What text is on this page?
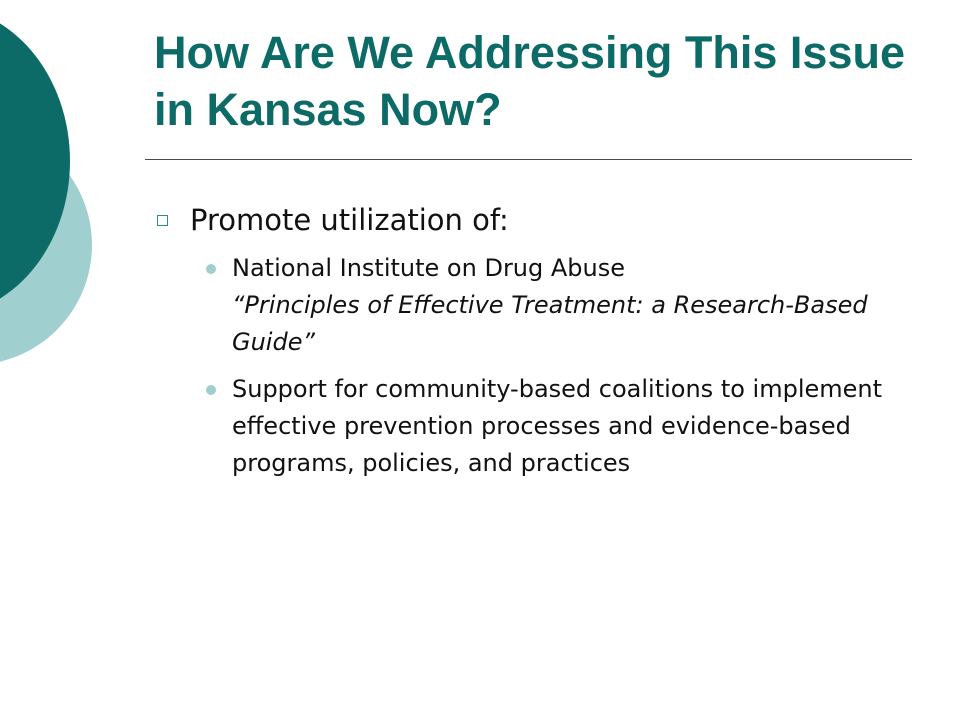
How Are We Addressing This Issue in Kansas Now?
Promote utilization of:
National Institute on Drug Abuse
“Principles of Effective Treatment: a Research-Based Guide”
Support for community-based coalitions to implement effective prevention processes and evidence-based programs, policies, and practices
